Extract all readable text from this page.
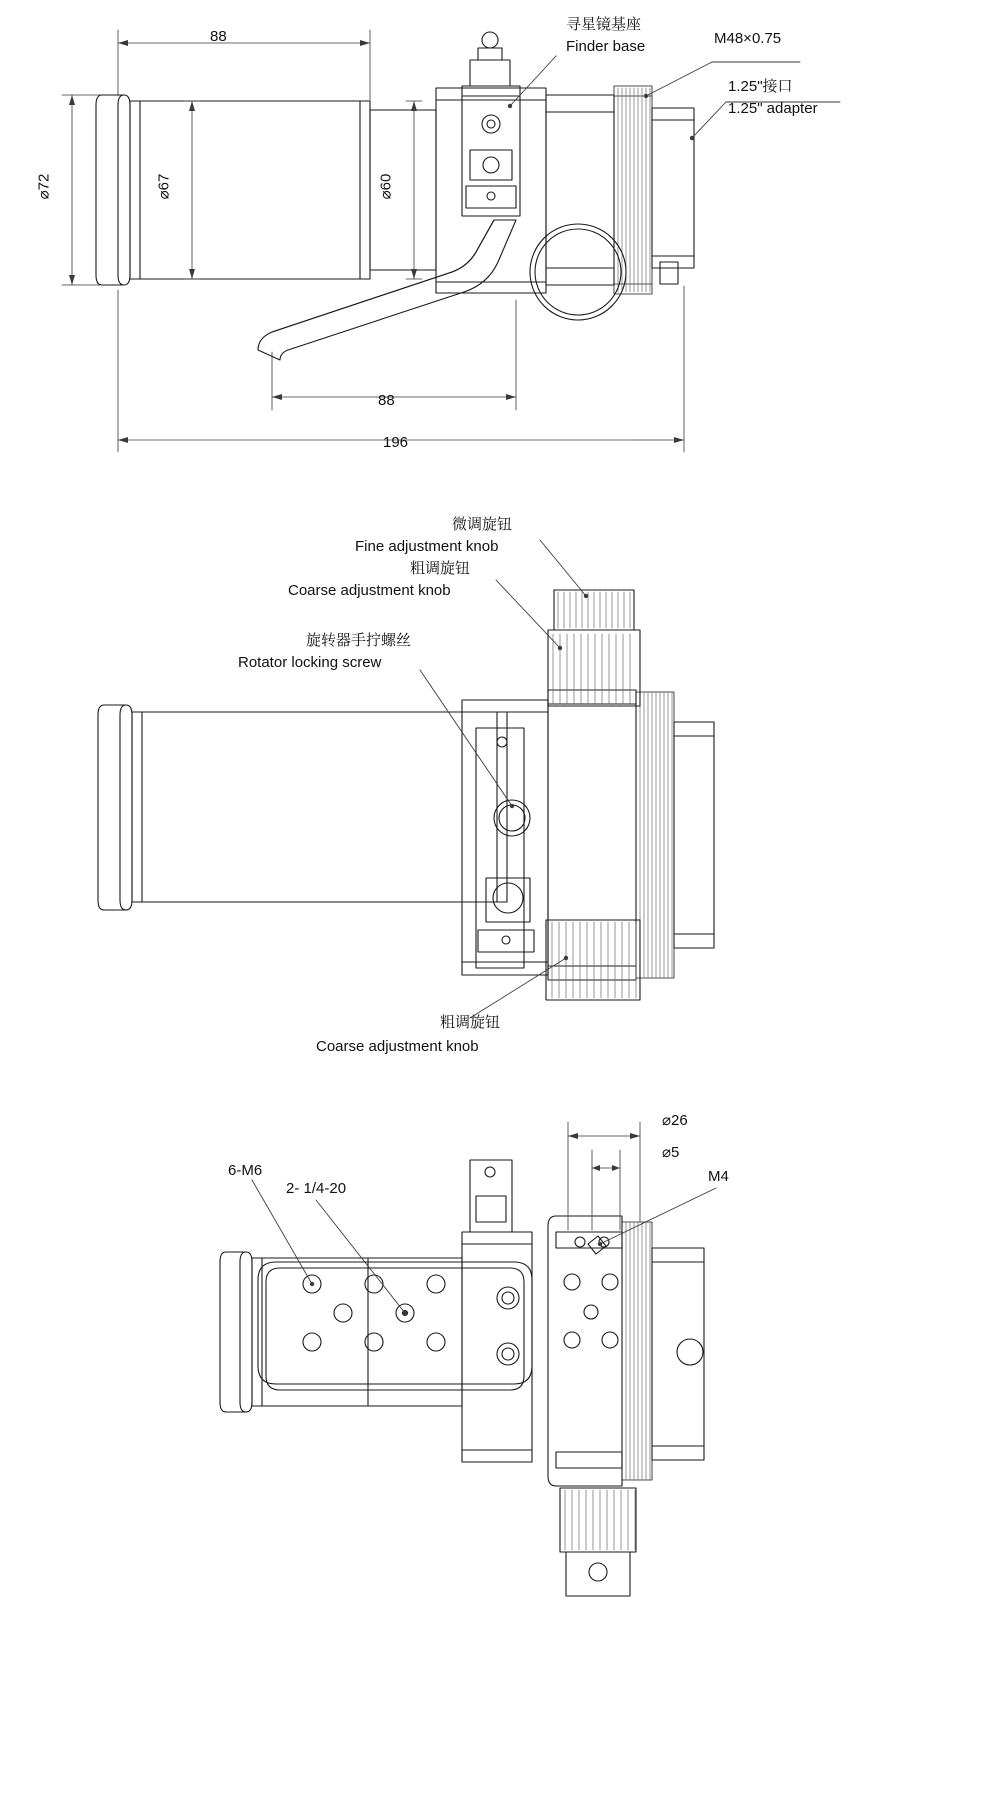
88
⌀72	⌀67	⌀60
88
196
寻星镜基座
Finder base	M48×0.75
1.25"接口
1.25" adapter
微调旋钮
Fine adjustment knob
粗调旋钮
Coarse adjustment knob
旋转器手拧螺丝
Rotator locking screw
粗调旋钮
Coarse adjustment knob
6-M6
2- 1/4-20
M4
⌀26
⌀5
